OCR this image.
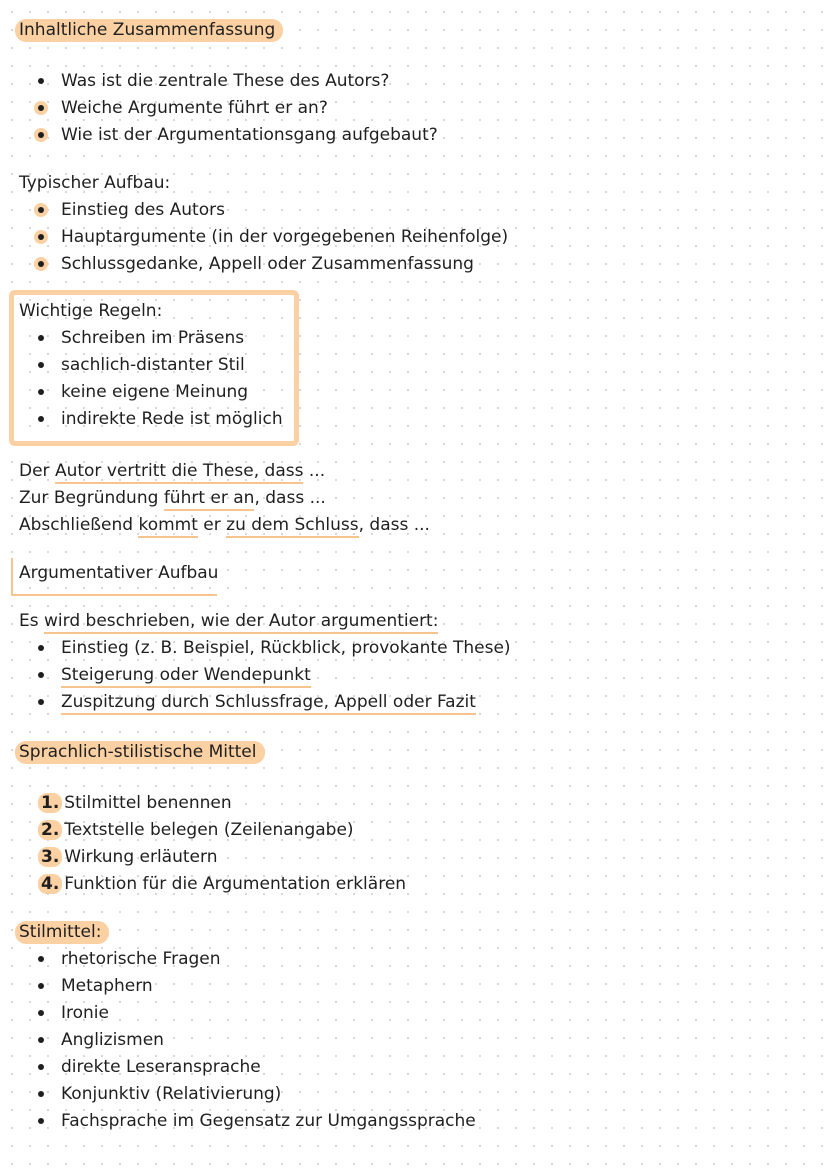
Inhaltliche Zusammenfassung
Was ist die zentrale These des Autors?
Weiche Argumente führt er an?
Wie ist der Argumentationsgang aufgebaut?
Typischer Aufbau:
Einstieg des Autors
Hauptargumente (in der vorgegebenen Reihenfolge)
Schlussgedanke, Appell oder Zusammenfassung
Wichtige Regeln:
Schreiben im Präsens
sachlich-distanter Stil
keine eigene Meinung
indirekte Rede ist möglich
Der Autor vertritt die These, dass ...
Zur Begründung führt er an, dass ...
Abschließend kommt er zu dem Schluss, dass ...
Argumentativer Aufbau
Es wird beschrieben, wie der Autor argumentiert:
Einstieg (z. B. Beispiel, Rückblick, provokante These)
Steigerung oder Wendepunkt
Zuspitzung durch Schlussfrage, Appell oder Fazit
Sprachlich-stilistische Mittel
1. Stilmittel benennen
2. Textstelle belegen (Zeilenangabe)
3. Wirkung erläutern
4. Funktion für die Argumentation erklären
Stilmittel:
rhetorische Fragen
Metaphern
Ironie
Anglizismen
direkte Leseransprache
Konjunktiv (Relativierung)
Fachsprache im Gegensatz zur Umgangssprache
